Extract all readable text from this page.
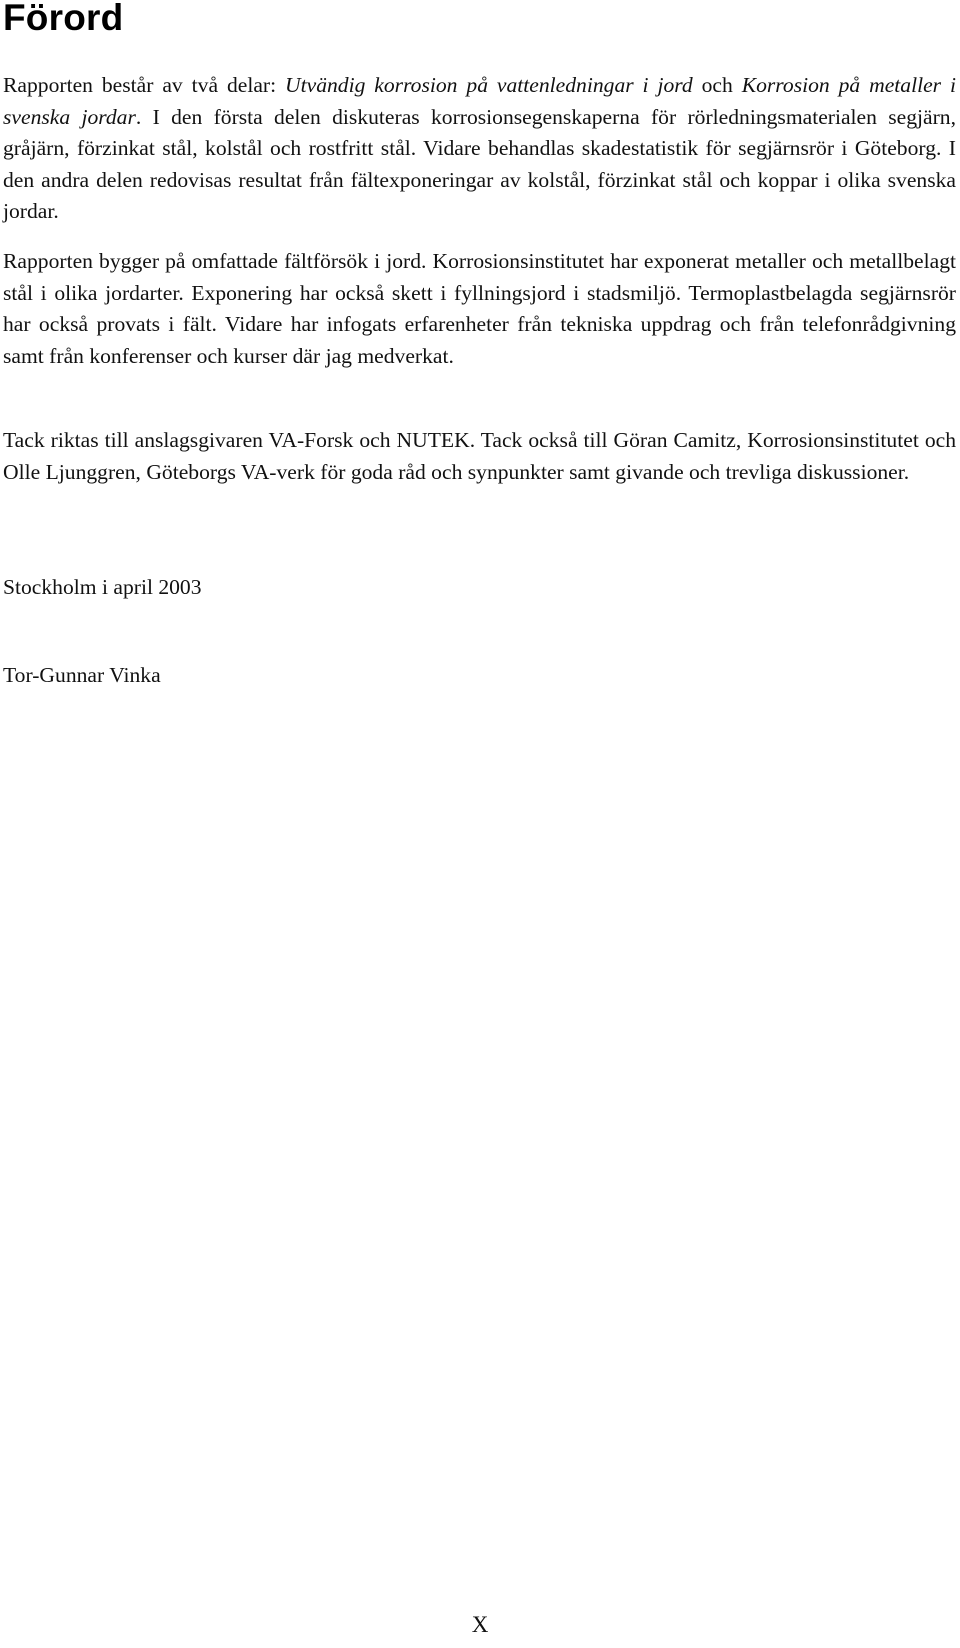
Förord

Rapporten består av två delar: Utvändig korrosion på vattenledningar i jord och Korrosion på metaller i svenska jordar. I den första delen diskuteras korrosionsegenskaperna för rörledningsmaterialen segjärn, gråjärn, förzinkat stål, kolstål och rostfritt stål. Vidare behandlas skadestatistik för segjärnsrör i Göteborg. I den andra delen redovisas resultat från fältexponeringar av kolstål, förzinkat stål och koppar i olika svenska jordar.

Rapporten bygger på omfattade fältförsök i jord. Korrosionsinstitutet har exponerat metaller och metallbelagt stål i olika jordarter. Exponering har också skett i fyllningsjord i stadsmiljö. Termoplastbelagda segjärnsrör har också provats i fält. Vidare har infogats erfarenheter från tekniska uppdrag och från telefonrådgivning samt från konferenser och kurser där jag medverkat.

Tack riktas till anslagsgivaren VA-Forsk och NUTEK. Tack också till Göran Camitz, Korrosionsinstitutet och Olle Ljunggren, Göteborgs VA-verk för goda råd och synpunkter samt givande och trevliga diskussioner.

Stockholm i april 2003

Tor-Gunnar Vinka

X
